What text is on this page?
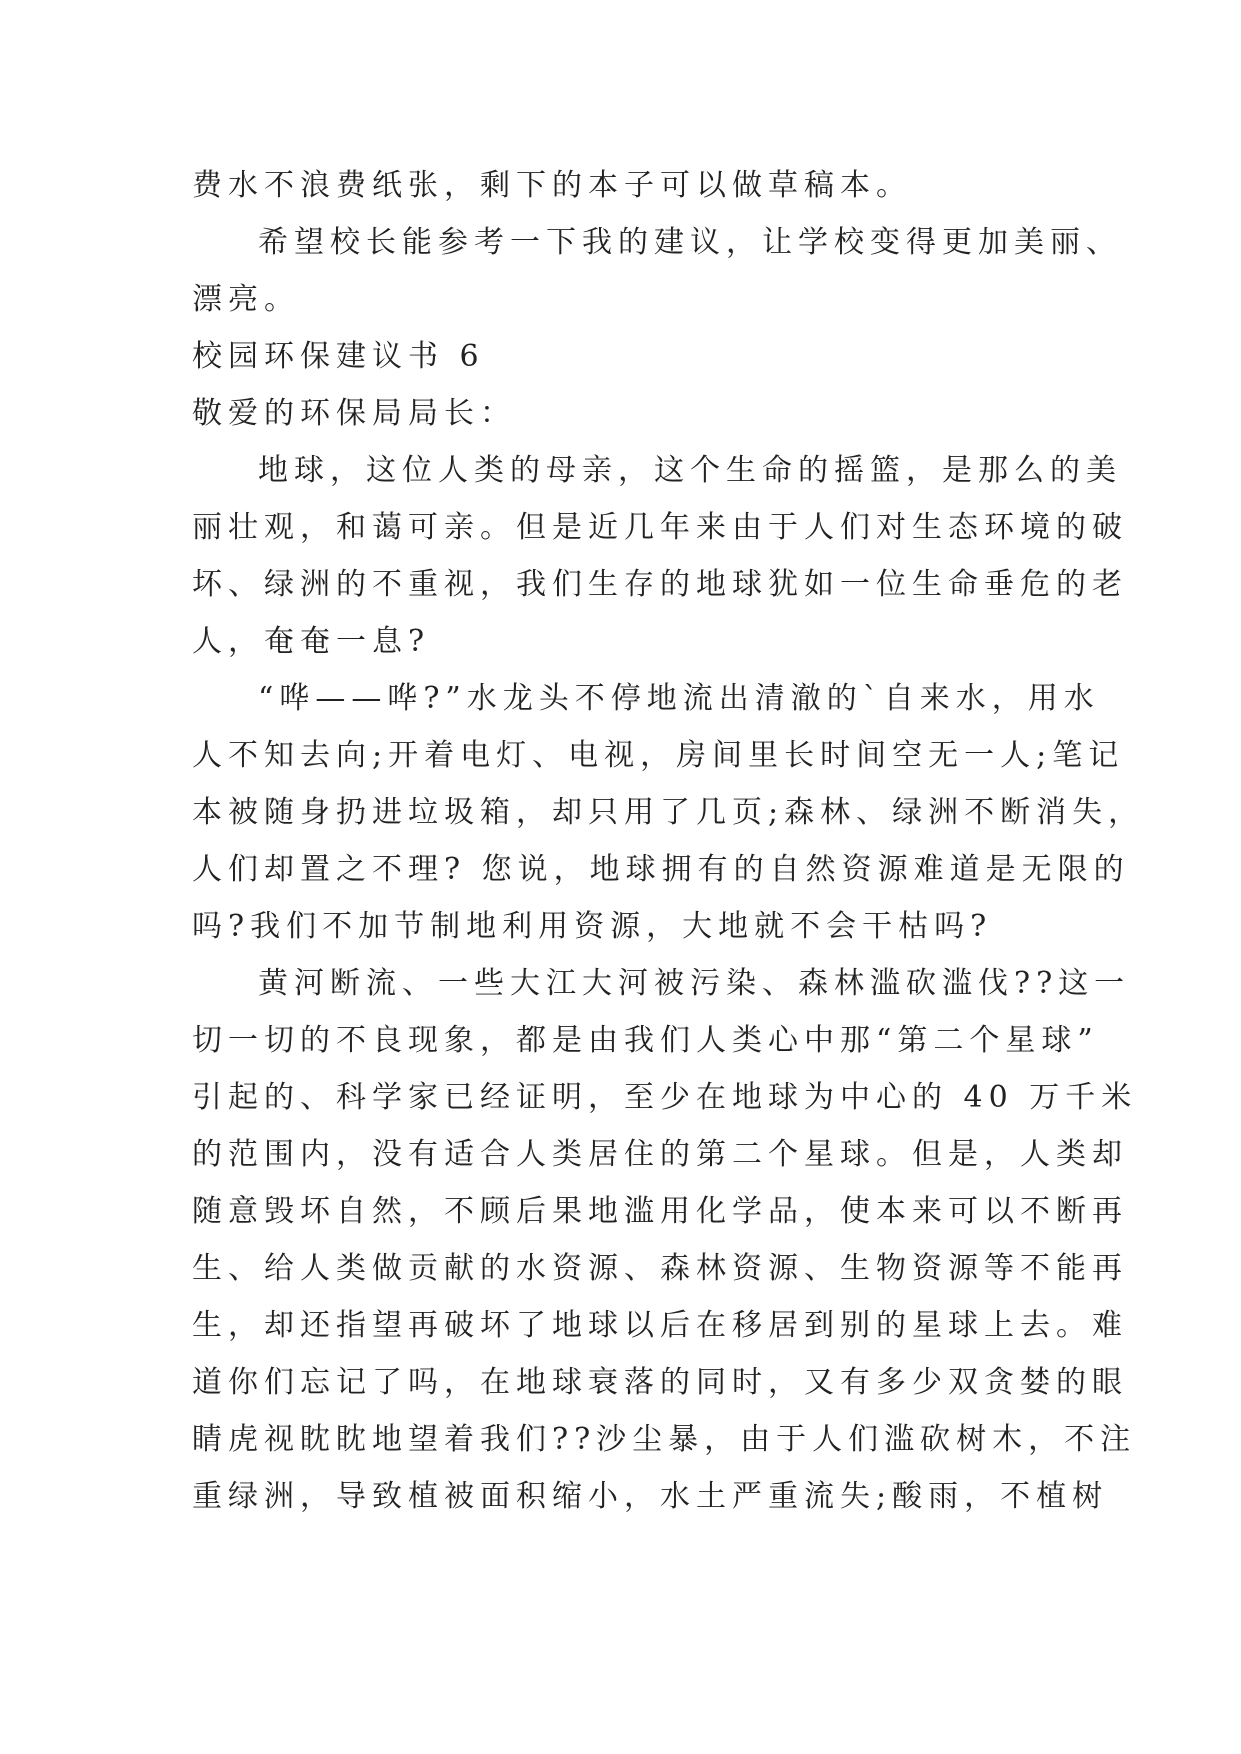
费水不浪费纸张，剩下的本子可以做草稿本。
希望校长能参考一下我的建议，让学校变得更加美丽、
漂亮。
校园环保建议书 6
敬爱的环保局局长：
地球，这位人类的母亲，这个生命的摇篮，是那么的美
丽壮观，和蔼可亲。但是近几年来由于人们对生态环境的破
坏、绿洲的不重视，我们生存的地球犹如一位生命垂危的老
人，奄奄一息?
“哗——哗?”水龙头不停地流出清澈的`自来水，用水
人不知去向;开着电灯、电视，房间里长时间空无一人;笔记
本被随身扔进垃圾箱，却只用了几页;森林、绿洲不断消失，
人们却置之不理? 您说，地球拥有的自然资源难道是无限的
吗?我们不加节制地利用资源，大地就不会干枯吗?
黄河断流、一些大江大河被污染、森林滥砍滥伐??这一
切一切的不良现象，都是由我们人类心中那“第二个星球”
引起的、科学家已经证明，至少在地球为中心的 40 万千米
的范围内，没有适合人类居住的第二个星球。但是，人类却
随意毁坏自然，不顾后果地滥用化学品，使本来可以不断再
生、给人类做贡献的水资源、森林资源、生物资源等不能再
生，却还指望再破坏了地球以后在移居到别的星球上去。难
道你们忘记了吗，在地球衰落的同时，又有多少双贪婪的眼
睛虎视眈眈地望着我们??沙尘暴，由于人们滥砍树木，不注
重绿洲，导致植被面积缩小，水土严重流失;酸雨，不植树
